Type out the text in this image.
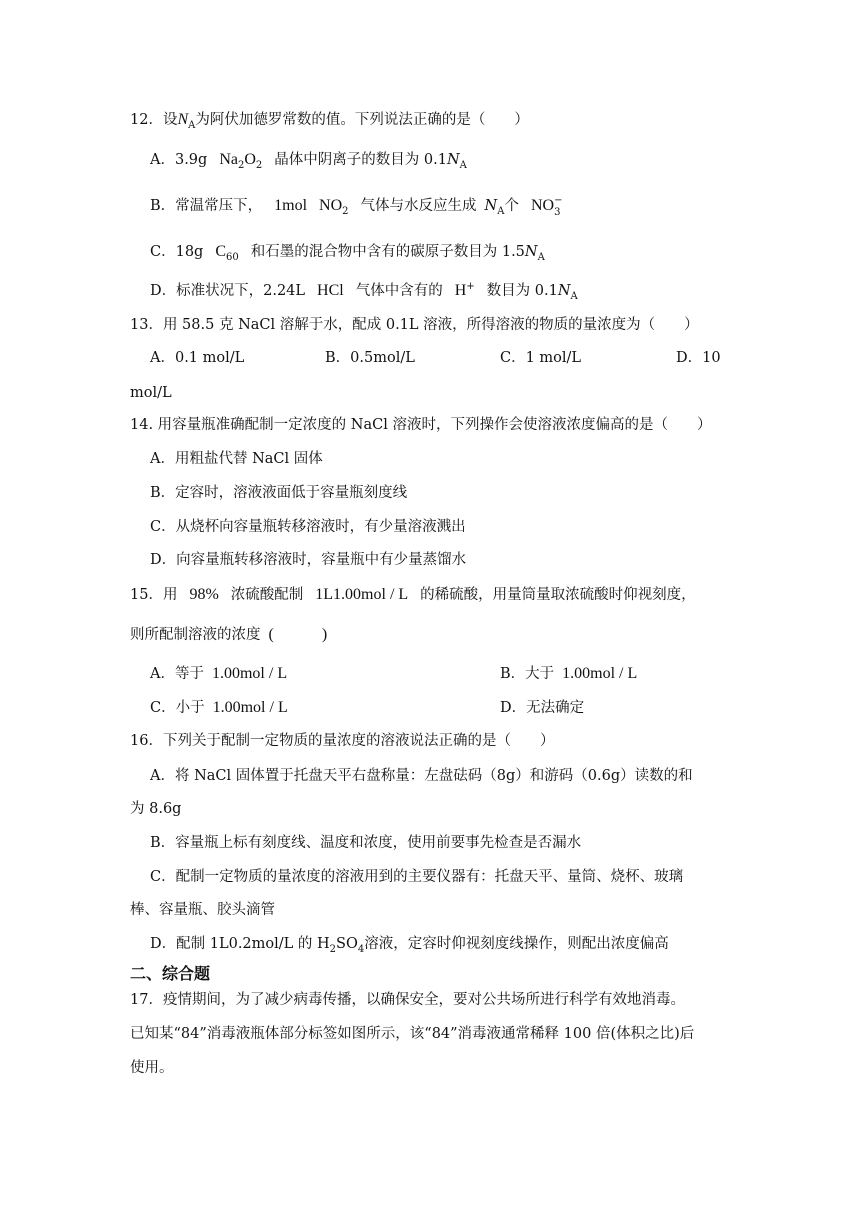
12．设$N_A$为阿伏加德罗常数的值。下列说法正确的是（　　）
A．3.9g $Na_2O_2$ 晶体中阴离子的数目为 $0.1N_A$
B．常温常压下， 1mol $NO_2$ 气体与水反应生成 $N_A$个 NO −
3
C．18g $C_{60}$ 和石墨的混合物中含有的碳原子数目为 $1.5N_A$
D．标准状况下，2.24L HCl 气体中含有的 H+ 数目为 $0.1N_A$
13．用 58.5 克 NaCl 溶解于水，配成 0.1L 溶液，所得溶液的物质的量浓度为（　　）
A．0.1 mol/L	B．0.5mol/L	C．1 mol/L	D．10
mol/L
14. 用容量瓶准确配制一定浓度的 NaCl 溶液时，下列操作会使溶液浓度偏高的是（　　）
A．用粗盐代替 NaCl 固体
B．定容时，溶液液面低于容量瓶刻度线
C．从烧杯向容量瓶转移溶液时，有少量溶液溅出
D．向容量瓶转移溶液时，容量瓶中有少量蒸馏水
15．用 98% 浓硫酸配制 1L1.00mol / L 的稀硫酸，用量筒量取浓硫酸时仰视刻度，
则所配制溶液的浓度 (　　　)
A．等于 1.00mol / L	B．大于 1.00mol / L
C．小于 1.00mol / L	D．无法确定
16．下列关于配制一定物质的量浓度的溶液说法正确的是（　　）
A．将 NaCl 固体置于托盘天平右盘称量：左盘砝码（8g）和游码（0.6g）读数的和
为 8.6g
B．容量瓶上标有刻度线、温度和浓度，使用前要事先检查是否漏水
C．配制一定物质的量浓度的溶液用到的主要仪器有：托盘天平、量筒、烧杯、玻璃
棒、容量瓶、胶头滴管
D．配制 1L0.2mol/L 的 $H_2SO_4$溶液，定容时仰视刻度线操作，则配出浓度偏高
二、综合题
17．疫情期间，为了减少病毒传播，以确保安全，要对公共场所进行科学有效地消毒。
已知某“84”消毒液瓶体部分标签如图所示，该“84”消毒液通常稀释 100 倍(体积之比)后
使用。
